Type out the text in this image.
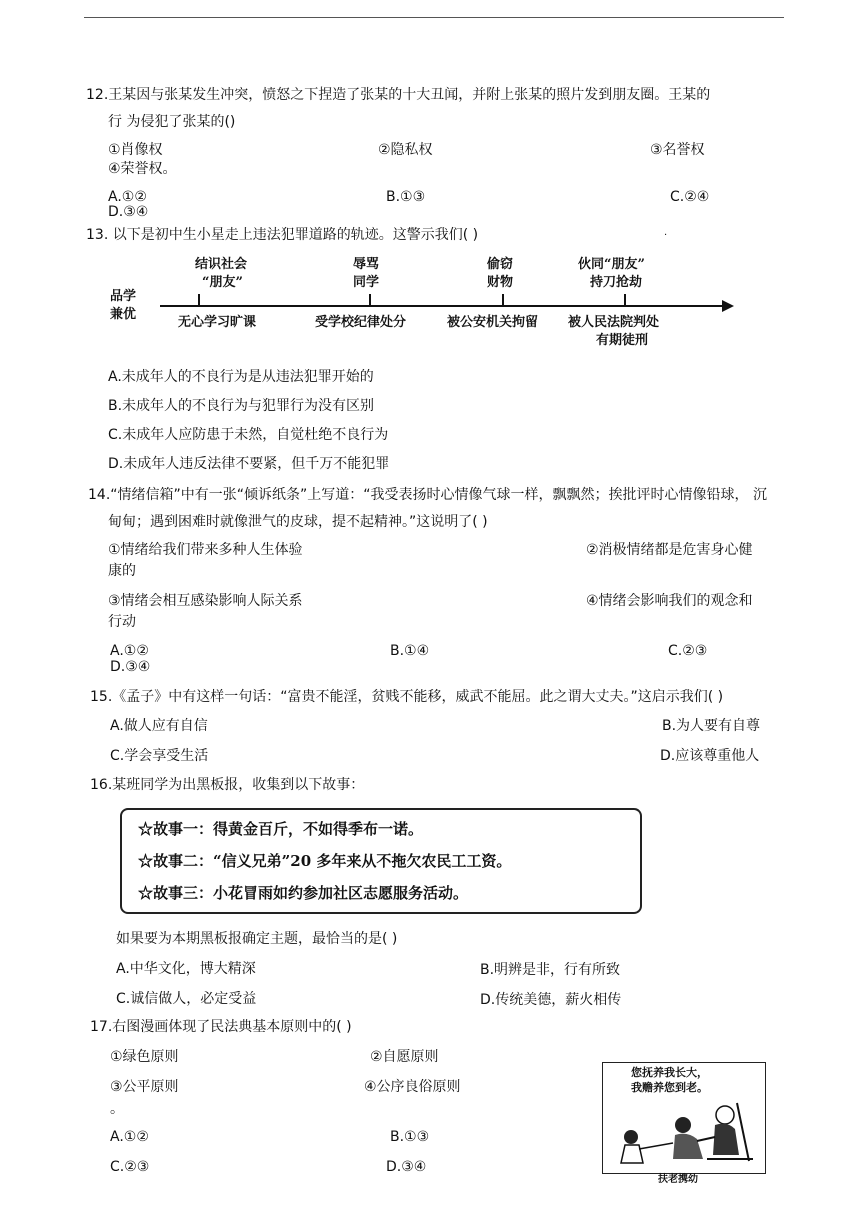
12.王某因与张某发生冲突，愤怒之下捏造了张某的十大丑闻，并附上张某的照片发到朋友圈。王某的
行 为侵犯了张某的()
①肖像权	②隐私权	③名誉权
④荣誉权。
A.①②	B.①③	C.②④
D.③④
13. 以下是初中生小星走上违法犯罪道路的轨迹。这警示我们( )	.
品学
兼优
结识社会
“朋友”
辱骂
同学
偷窃
财物
伙同“朋友”
持刀抢劫
无心学习旷课	受学校纪律处分	被公安机关拘留 被人民法院判处
有期徒刑
A.未成年人的不良行为是从违法犯罪开始的
B.未成年人的不良行为与犯罪行为没有区别
C.未成年人应防患于未然，自觉杜绝不良行为
D.未成年人违反法律不要紧，但千万不能犯罪
14.“情绪信箱”中有一张“倾诉纸条”上写道：“我受表扬时心情像气球一样，飘飘然；挨批评时心情像铅球， 沉
甸甸；遇到困难时就像泄气的皮球，提不起精神。”这说明了( )
①情绪给我们带来多种人生体验	②消极情绪都是危害身心健
康的
③情绪会相互感染影响人际关系	④情绪会影响我们的观念和
行动
A.①②	B.①④	C.②③
D.③④
15.《孟子》中有这样一句话：“富贵不能淫，贫贱不能移，威武不能屈。此之谓大丈夫。”这启示我们( )
A.做人应有自信	B.为人要有自尊
C.学会享受生活	D.应该尊重他人
16.某班同学为出黑板报，收集到以下故事：
☆故事一：得黄金百斤，不如得季布一诺。
☆故事二：“信义兄弟”20 多年来从不拖欠农民工工资。
☆故事三：小花冒雨如约参加社区志愿服务活动。
如果要为本期黑板报确定主题，最恰当的是( )
A.中华文化，博大精深	B.明辨是非，行有所致
C.诚信做人，必定受益	D.传统美德，薪火相传
17.右图漫画体现了民法典基本原则中的( )
①绿色原则	②自愿原则
③公平原则	④公序良俗原则
。
A.①②	B.①③
C.②③	D.③④
您抚养我长大，
我赡养您到老。
扶老携幼
